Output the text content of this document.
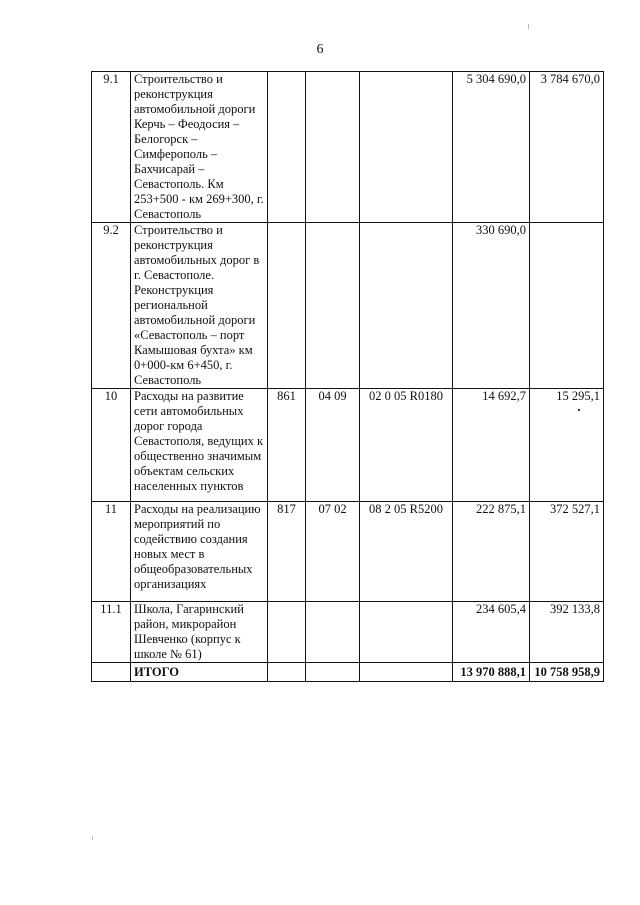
6
9.1	Строительство и реконструкция автомобильной дороги Керчь – Феодосия – Белогорск – Симферополь – Бахчисарай – Севастополь. Км 253+500 - км 269+300, г. Севастополь				5 304 690,0	3 784 670,0
9.2	Строительство и реконструкция автомобильных дорог в г. Севастополе. Реконструкция региональной автомобильной дороги «Севастополь – порт Камышовая бухта» км 0+000-км 6+450, г. Севастополь				330 690,0	
10	Расходы на развитие сети автомобильных дорог города Севастополя, ведущих к общественно значимым объектам сельских населенных пунктов	861	04 09	02 0 05 R0180	14 692,7	15 295,1
11	Расходы на реализацию мероприятий по содействию создания новых мест в общеобразовательных организациях	817	07 02	08 2 05 R5200	222 875,1	372 527,1
11.1	Школа, Гагаринский район, микрорайон Шевченко (корпус к школе № 61)				234 605,4	392 133,8
	ИТОГО				13 970 888,1	10 758 958,9
